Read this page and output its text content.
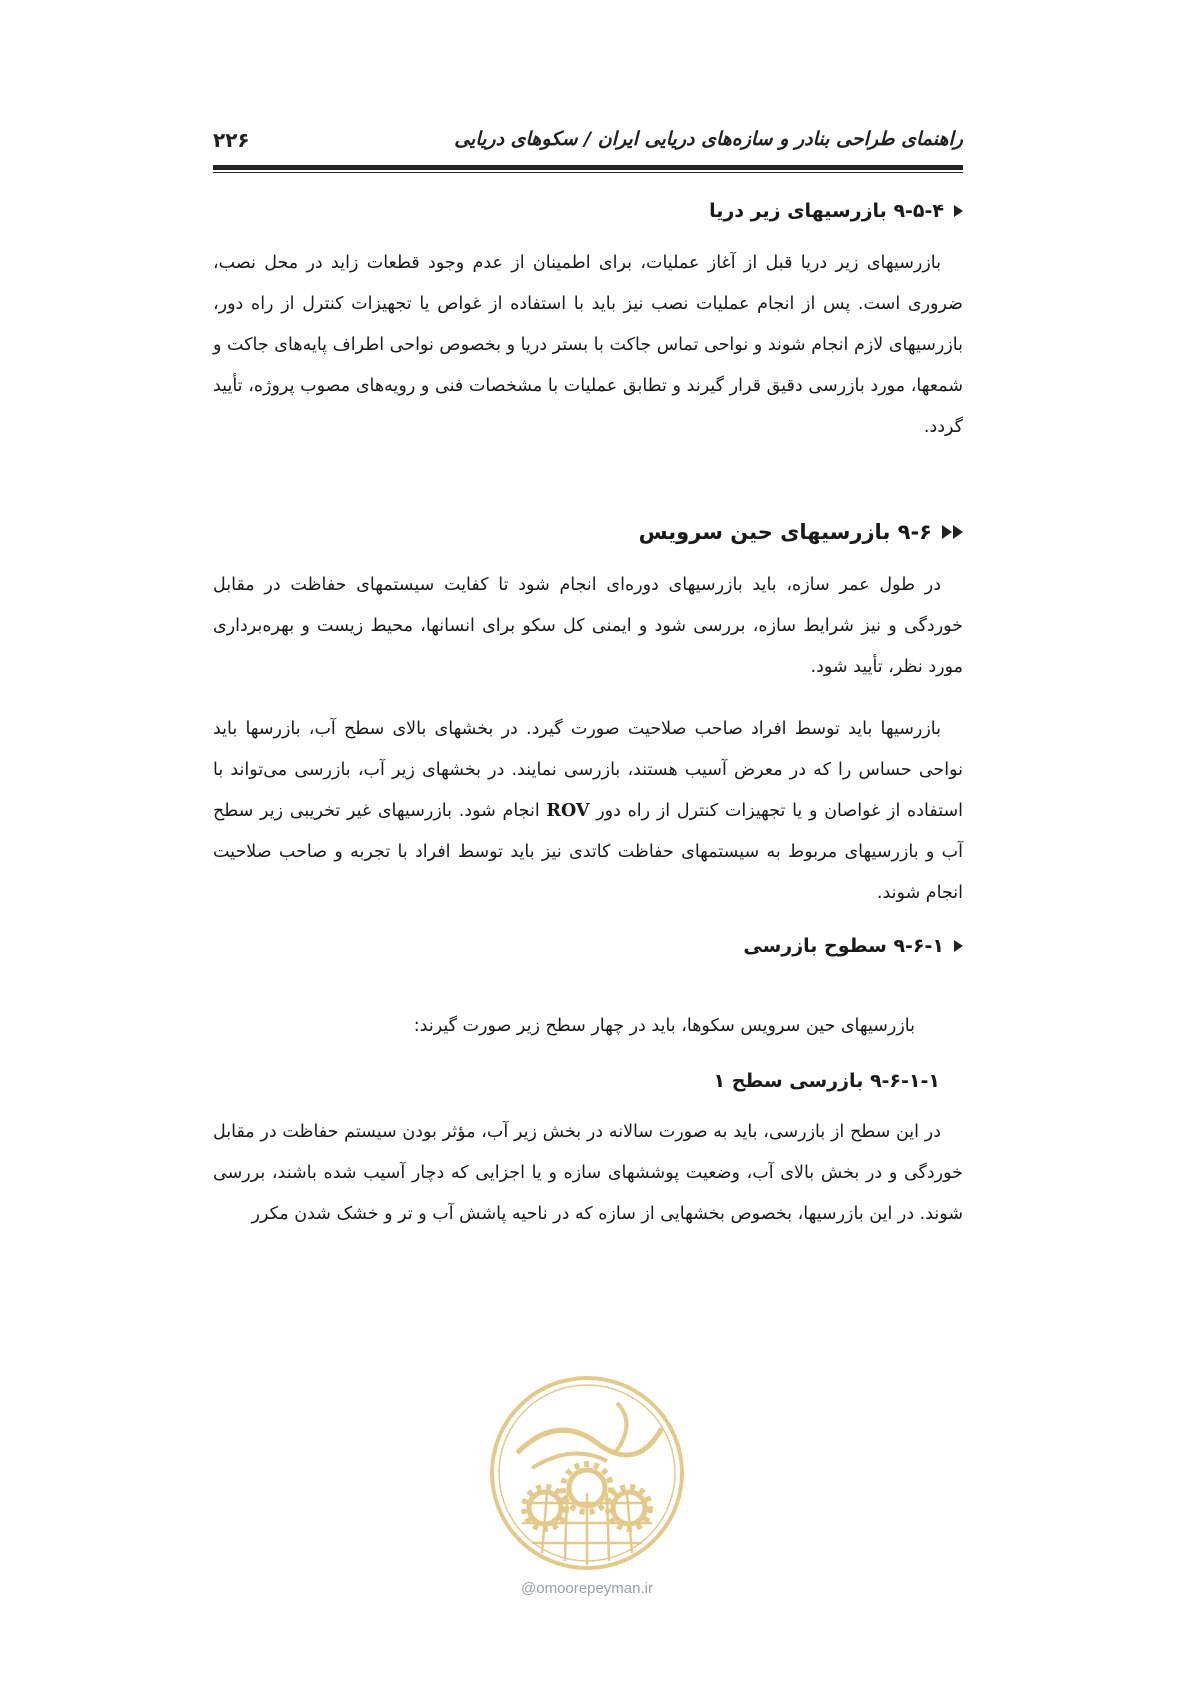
راهنمای طراحی بنادر و سازه‌های دریایی ایران / سکوهای دریایی
۲۲۶
۹-۵-۴ بازرسیهای زیر دریا

بازرسیهای زیر دریا قبل از آغاز عملیات، برای اطمینان از عدم وجود قطعات زاید در محل نصب، ضروری است. پس از انجام عملیات نصب نیز باید با استفاده از غواص یا تجهیزات کنترل از راه دور، بازرسیهای لازم انجام شوند و نواحی تماس جاکت با بستر دریا و بخصوص نواحی اطراف پایه‌های جاکت و شمعها، مورد بازرسی دقیق قرار گیرند و تطابق عملیات با مشخصات فنی و رویه‌های مصوب پروژه، تأیید گردد.

۹-۶ بازرسیهای حین سرویس

در طول عمر سازه، باید بازرسیهای دوره‌ای انجام شود تا کفایت سیستمهای حفاظت در مقابل خوردگی و نیز شرایط سازه، بررسی شود و ایمنی کل سکو برای انسانها، محیط زیست و بهره‌برداری مورد نظر، تأیید شود.

بازرسیها باید توسط افراد صاحب صلاحیت صورت گیرد. در بخشهای بالای سطح آب، بازرسها باید نواحی حساس را که در معرض آسیب هستند، بازرسی نمایند. در بخشهای زیر آب، بازرسی می‌تواند با استفاده از غواصان و یا تجهیزات کنترل از راه دور ROV انجام شود. بازرسیهای غیر تخریبی زیر سطح آب و بازرسیهای مربوط به سیستمهای حفاظت کاتدی نیز باید توسط افراد با تجربه و صاحب صلاحیت انجام شوند.

۹-۶-۱ سطوح بازرسی

بازرسیهای حین سرویس سکوها، باید در چهار سطح زیر صورت گیرند:

۹-۶-۱-۱ بازرسی سطح ۱

در این سطح از بازرسی، باید به صورت سالانه در بخش زیر آب، مؤثر بودن سیستم حفاظت در مقابل خوردگی و در بخش بالای آب، وضعیت پوششهای سازه و یا اجزایی که دچار آسیب شده باشند، بررسی شوند. در این بازرسیها، بخصوص بخشهایی از سازه که در ناحیه پاشش آب و تر و خشک شدن مکرر

@omoorepeyman.ir
